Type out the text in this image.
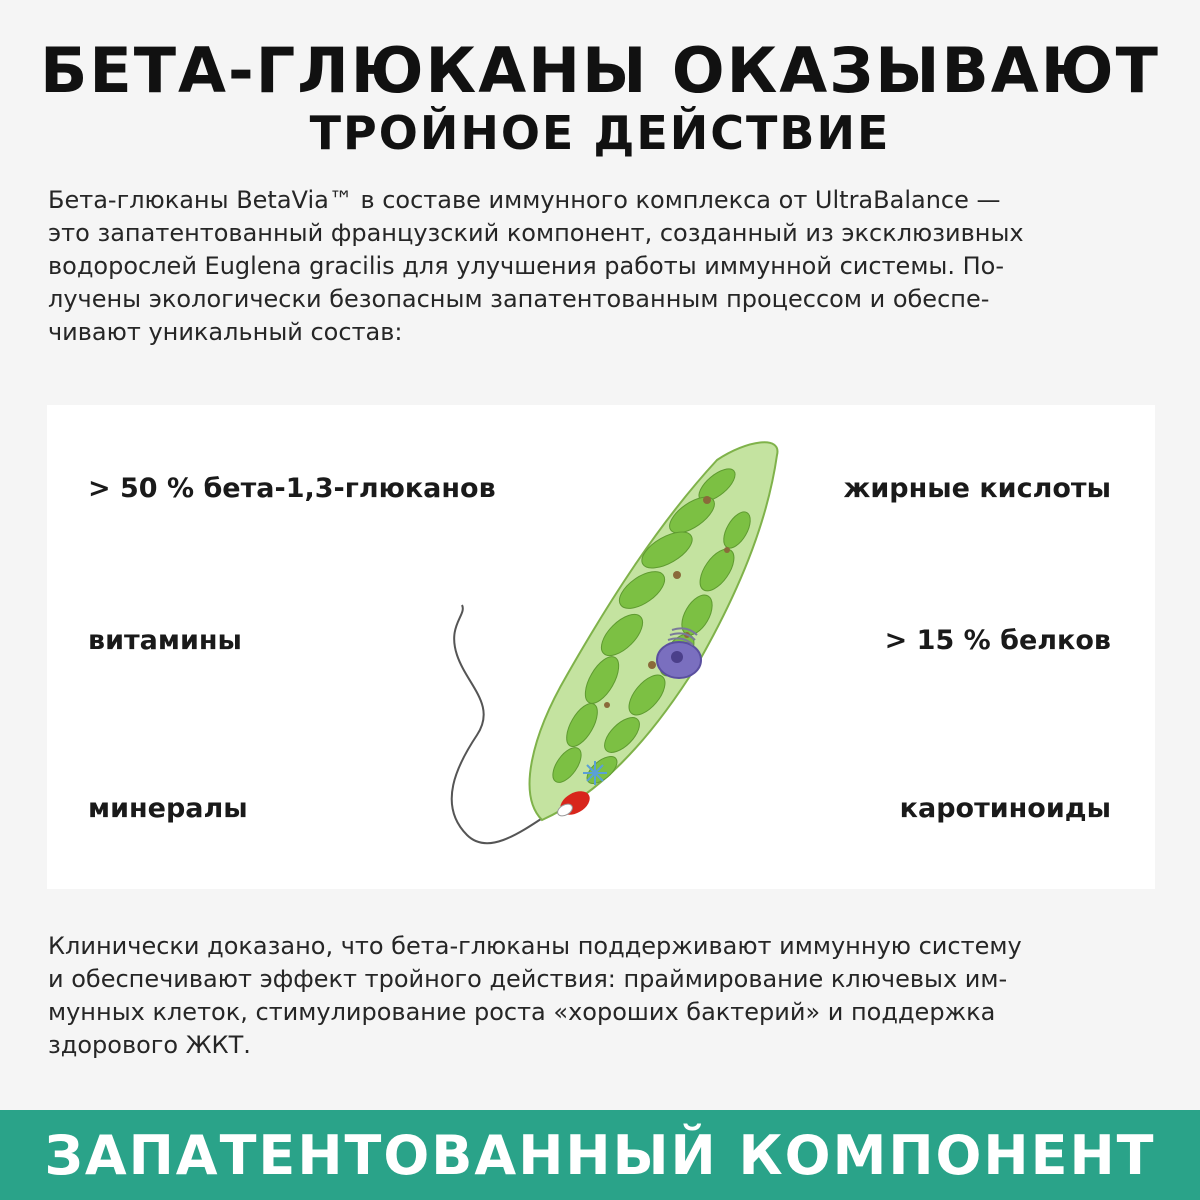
БЕТА-ГЛЮКАНЫ ОКАЗЫВАЮТ
ТРОЙНОЕ ДЕЙСТВИЕ
Бета-глюканы BetaVia™ в составе иммунного комплекса от UltraBalance —
это запатентованный французский компонент, созданный из эксклюзивных
водорослей Euglena gracilis для улучшения работы иммунной системы. По-
лучены экологически безопасным запатентованным процессом и обеспе-
чивают уникальный состав:
> 50 % бета-1,3-глюканов
витамины
минералы
жирные кислоты
> 15 % белков
каротиноиды
Клинически доказано, что бета-глюканы поддерживают иммунную систему
и обеспечивают эффект тройного действия: праймирование ключевых им-
мунных клеток, стимулирование роста «хороших бактерий» и поддержка
здорового ЖКТ.
ЗАПАТЕНТОВАННЫЙ КОМПОНЕНТ
